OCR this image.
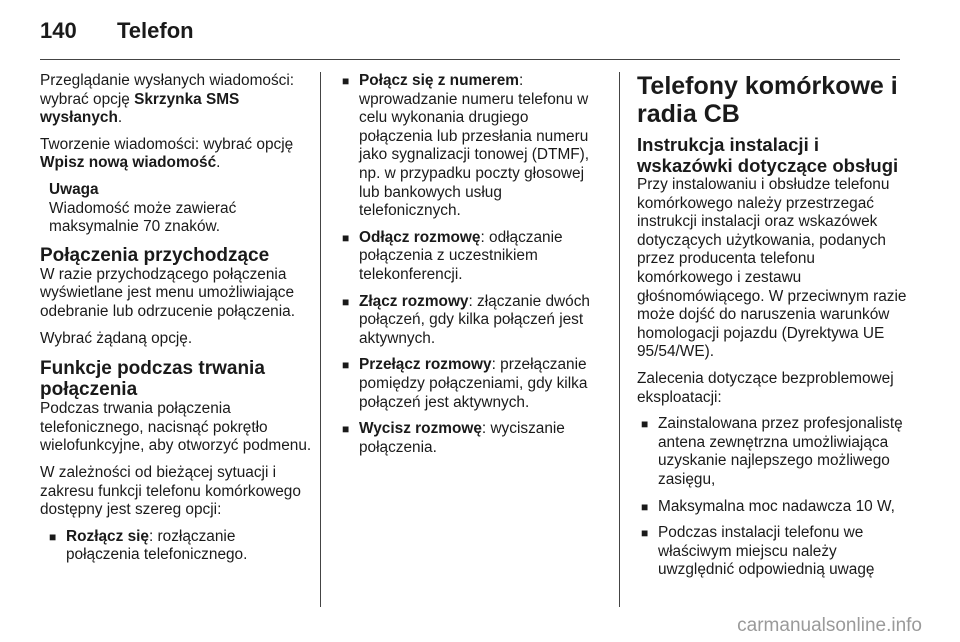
140 Telefon

Przeglądanie wysłanych wiadomości: wybrać opcję Skrzynka SMS wysłanych.

Tworzenie wiadomości: wybrać opcję Wpisz nową wiadomość.

Uwaga

Wiadomość może zawierać maksymalnie 70 znaków.

Połączenia przychodzące

W razie przychodzącego połączenia wyświetlane jest menu umożliwiające odebranie lub odrzucenie połączenia.

Wybrać żądaną opcję.

Funkcje podczas trwania połączenia

Podczas trwania połączenia telefonicznego, nacisnąć pokrętło wielofunkcyjne, aby otworzyć podmenu.

W zależności od bieżącej sytuacji i zakresu funkcji telefonu komórkowego dostępny jest szereg opcji:

■ Rozłącz się: rozłączanie połączenia telefonicznego.
■ Połącz się z numerem: wprowadzanie numeru telefonu w celu wykonania drugiego połączenia lub przesłania numeru jako sygnalizacji tonowej (DTMF), np. w przypadku poczty głosowej lub bankowych usług telefonicznych.
■ Odłącz rozmowę: odłączanie połączenia z uczestnikiem telekonferencji.
■ Złącz rozmowy: złączanie dwóch połączeń, gdy kilka połączeń jest aktywnych.
■ Przełącz rozmowy: przełączanie pomiędzy połączeniami, gdy kilka połączeń jest aktywnych.
■ Wycisz rozmowę: wyciszanie połączenia.
Telefony komórkowe i radia CB
Instrukcja instalacji i wskazówki dotyczące obsługi

Przy instalowaniu i obsłudze telefonu komórkowego należy przestrzegać instrukcji instalacji oraz wskazówek dotyczących użytkowania, podanych przez producenta telefonu komórkowego i zestawu głośnomówiącego. W przeciwnym razie może dojść do naruszenia warunków homologacji pojazdu (Dyrektywa UE 95/54/WE).

Zalecenia dotyczące bezproblemowej eksploatacji:

■ Zainstalowana przez profesjonalistę antena zewnętrzna umożliwiająca uzyskanie najlepszego możliwego zasięgu,
■ Maksymalna moc nadawcza 10 W,
■ Podczas instalacji telefonu we właściwym miejscu należy uwzględnić odpowiednią uwagę
carmanualsonline.info
